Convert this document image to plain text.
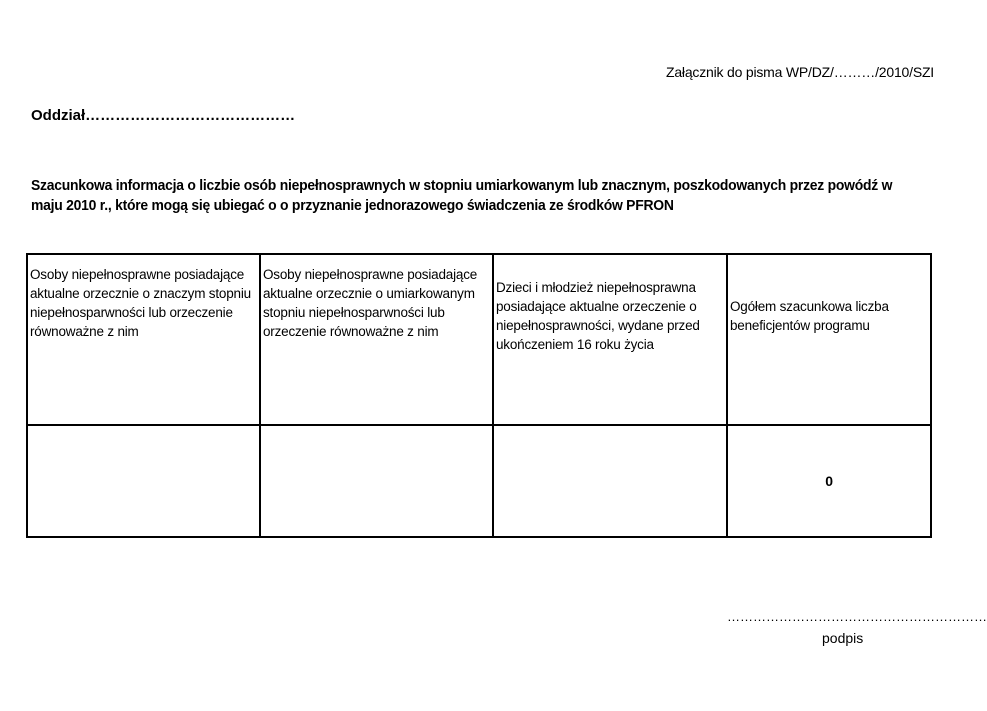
Załącznik do pisma WP/DZ/………/2010/SZI
Oddział……………………………………
Szacunkowa informacja o liczbie osób niepełnosprawnych w stopniu umiarkowanym lub znacznym, poszkodowanych przez powódź w maju 2010 r., które mogą się ubiegać o o przyznanie jednorazowego świadczenia ze środków PFRON
Osoby niepełnosprawne posiadające aktualne orzecznie o znaczym stopniu niepełnosparwności lub orzeczenie równoważne z nim	Osoby niepełnosprawne posiadające aktualne orzecznie o umiarkowanym stopniu niepełnosparwności lub orzeczenie równoważne z nim	Dzieci i młodzież niepełnosprawna posiadające aktualne orzeczenie o niepełnosprawności, wydane przed ukończeniem 16 roku życia	Ogółem szacunkowa liczba beneficjentów programu
			0
……………………………………………………
podpis
